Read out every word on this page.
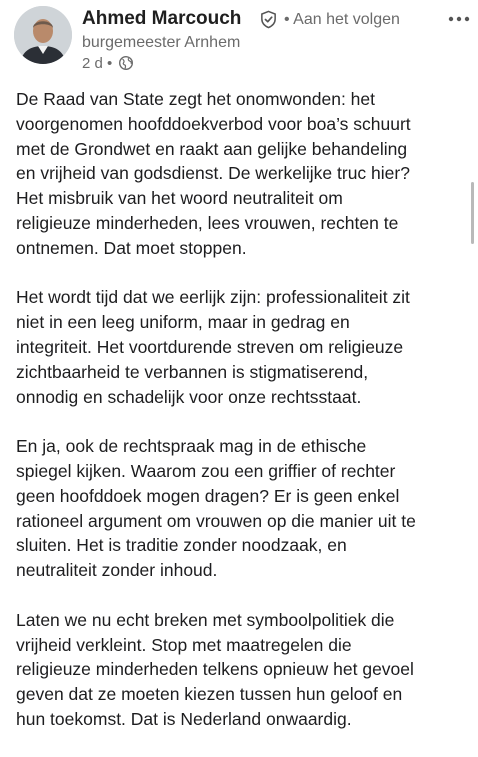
Ahmed Marcouch	• Aan het volgen
burgemeester Arnhem
2 d •
De Raad van State zegt het onomwonden: het
voorgenomen hoofddoekverbod voor boa’s schuurt
met de Grondwet en raakt aan gelijke behandeling
en vrijheid van godsdienst. De werkelijke truc hier?
Het misbruik van het woord neutraliteit om
religieuze minderheden, lees vrouwen, rechten te
ontnemen. Dat moet stoppen.
Het wordt tijd dat we eerlijk zijn: professionaliteit zit
niet in een leeg uniform, maar in gedrag en
integriteit. Het voortdurende streven om religieuze
zichtbaarheid te verbannen is stigmatiserend,
onnodig en schadelijk voor onze rechtsstaat.
En ja, ook de rechtspraak mag in de ethische
spiegel kijken. Waarom zou een griffier of rechter
geen hoofddoek mogen dragen? Er is geen enkel
rationeel argument om vrouwen op die manier uit te
sluiten. Het is traditie zonder noodzaak, en
neutraliteit zonder inhoud.
Laten we nu echt breken met symboolpolitiek die
vrijheid verkleint. Stop met maatregelen die
religieuze minderheden telkens opnieuw het gevoel
geven dat ze moeten kiezen tussen hun geloof en
hun toekomst. Dat is Nederland onwaardig.
